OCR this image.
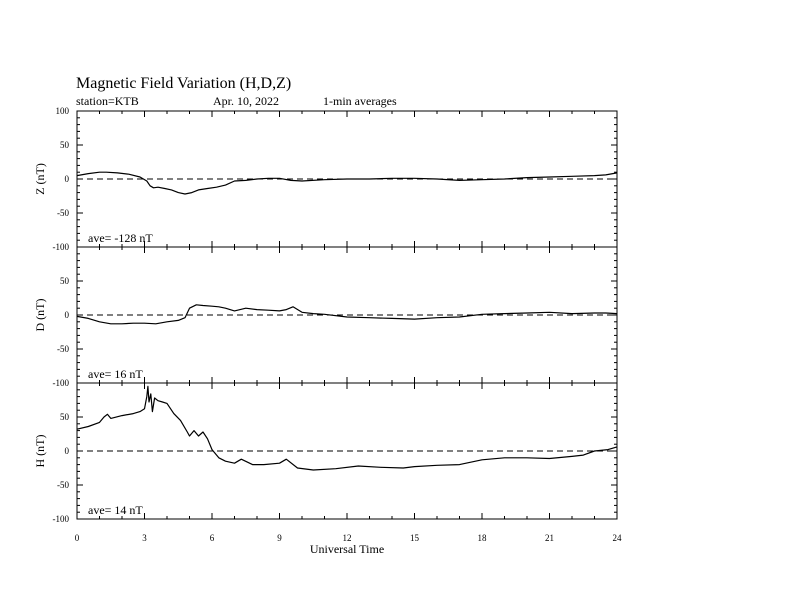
Magnetic Field Variation (H,D,Z)
station=KTB	Apr. 10, 2022	1-min averages
100
50
0
-50
-100
Z (nT)
ave= -128 nT
50
0
-50
-100
D (nT)
ave= 16 nT
50
0
-50
-100
H (nT)
ave= 14 nT
0	3	6	9	12	15	18	21	24
Universal Time
